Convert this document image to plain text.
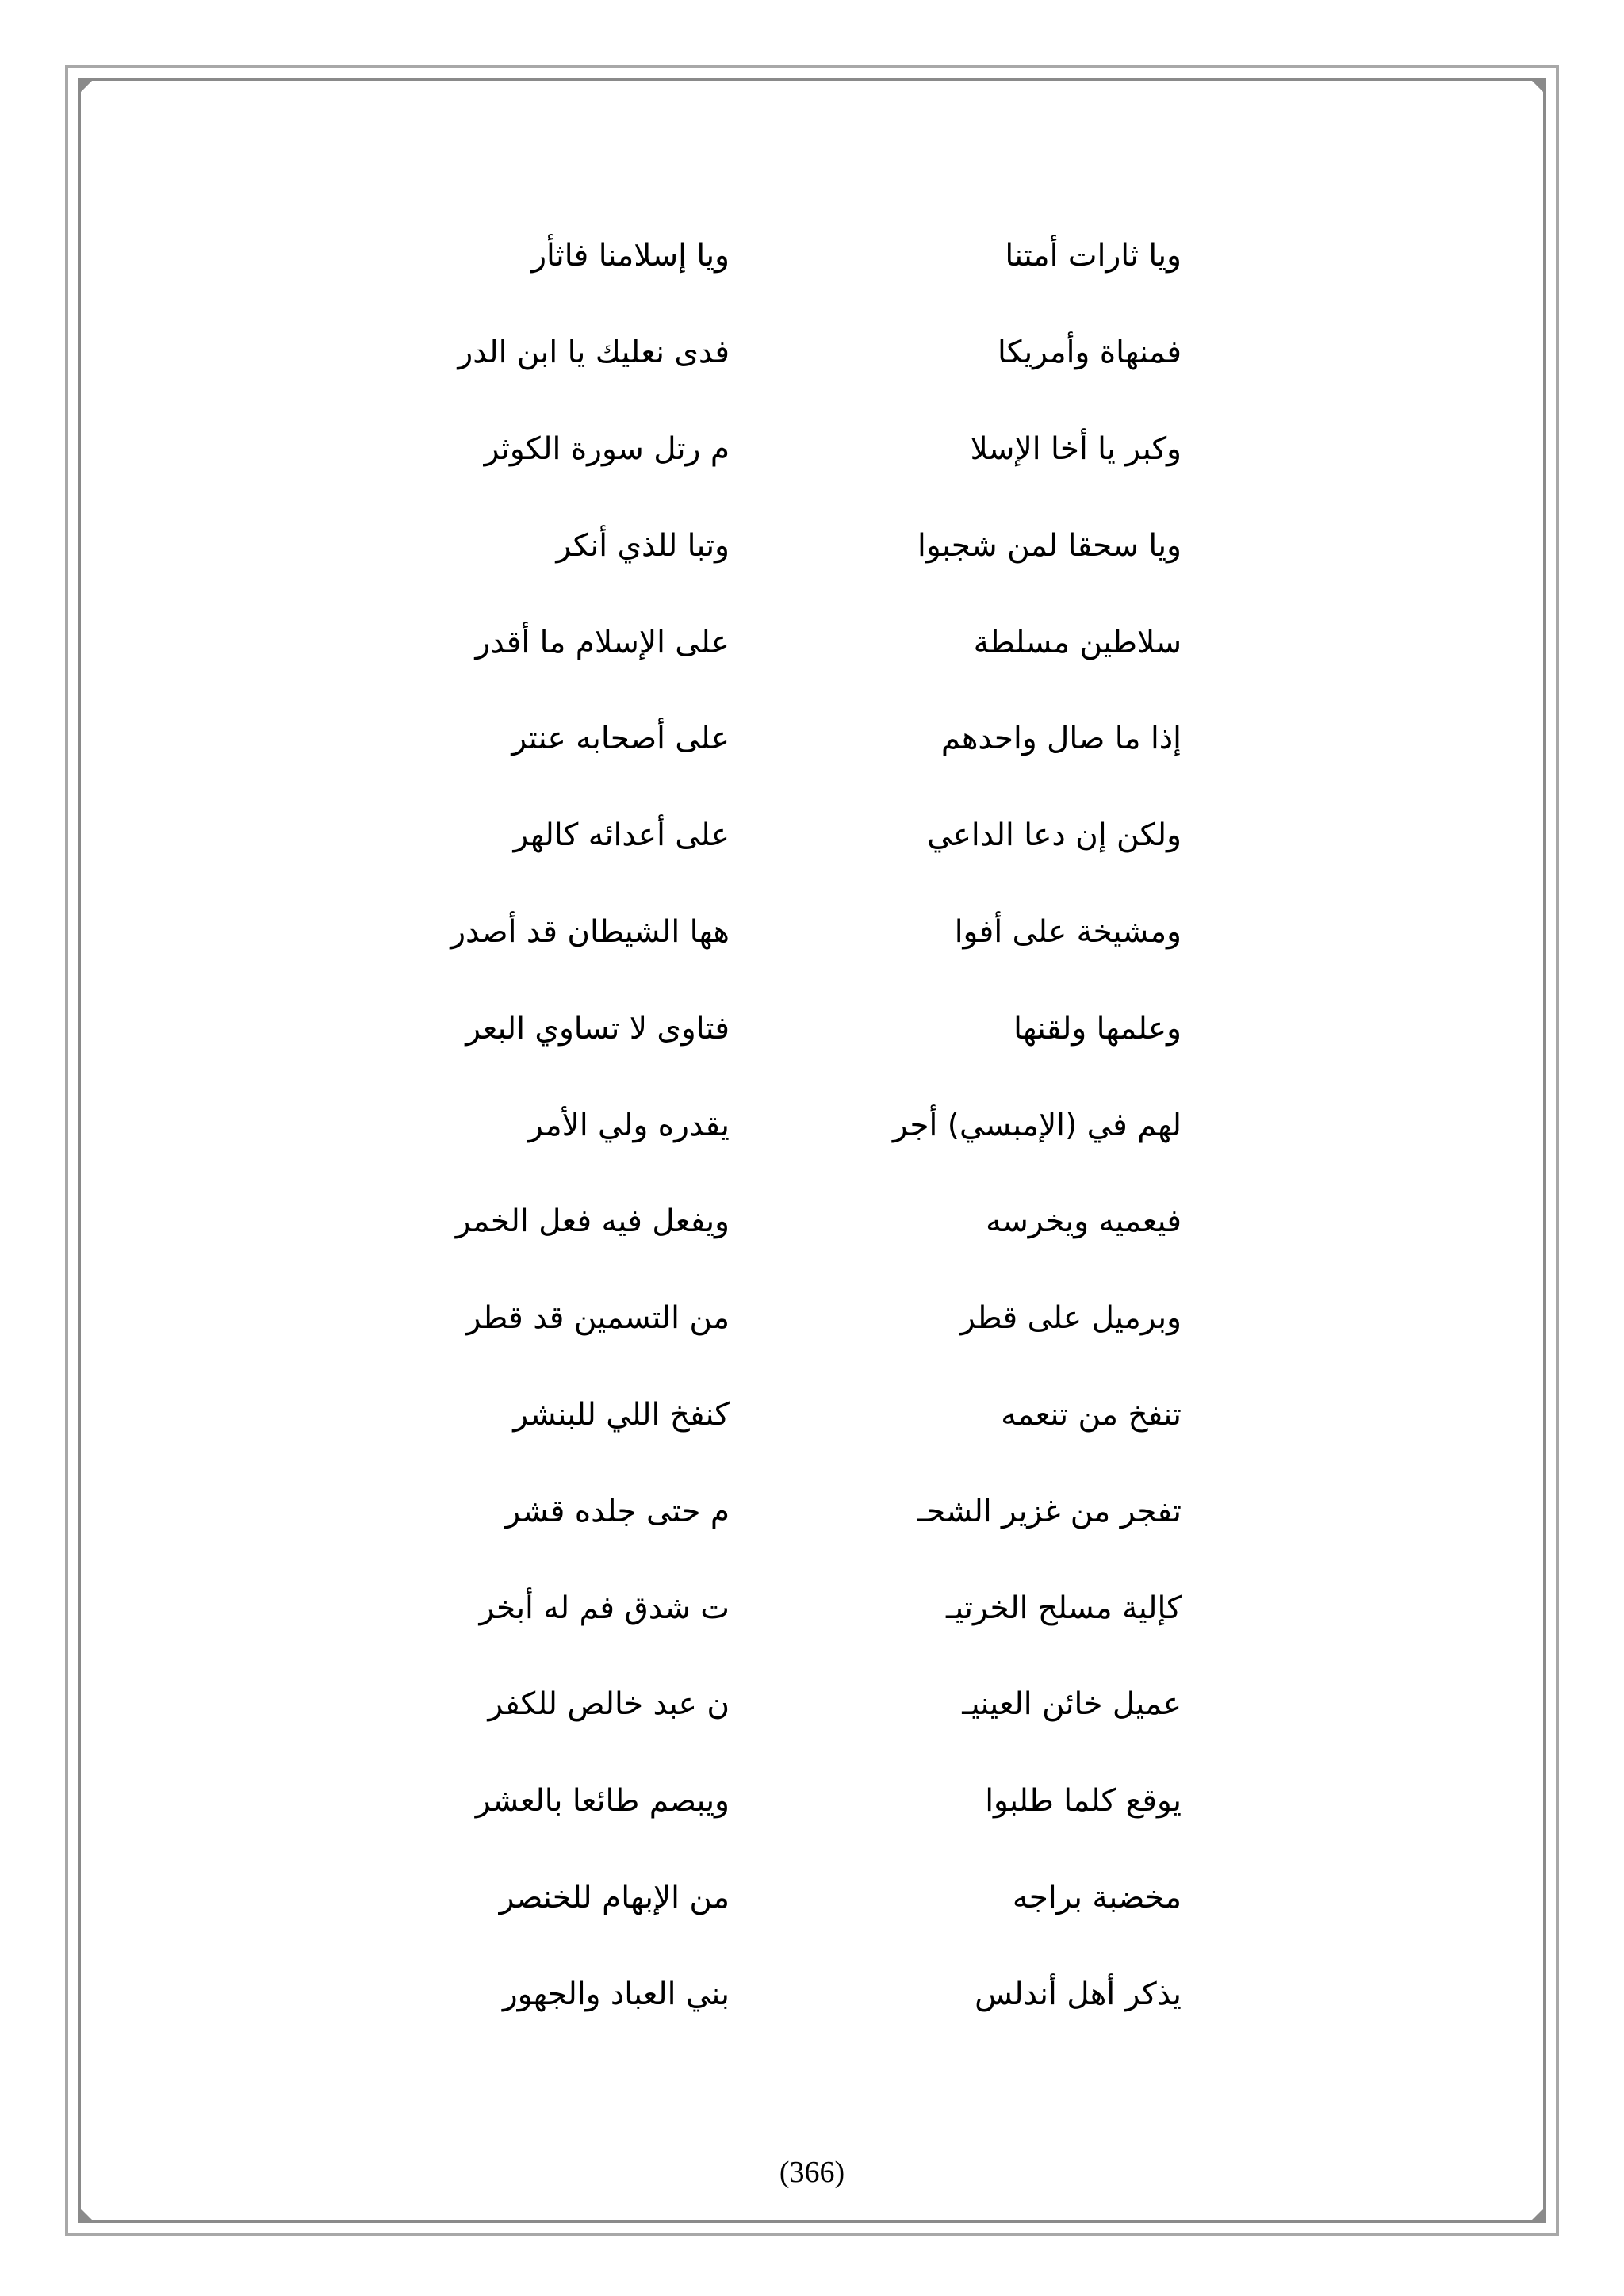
ويا ثارات أمتنا
ويا إسلامنا فاثأر
فمنهاة وأمريكا
فدى نعليك يا ابن الدر
وكبر يا أخا الإسلا
م رتل سورة الكوثر
ويا سحقا لمن شجبوا
وتبا للذي أنكر
سلاطين مسلطة
على الإسلام ما أقدر
إذا ما صال واحدهم
على أصحابه عنتر
ولكن إن دعا الداعي
على أعدائه كالهر
ومشيخة على أفوا
هها الشيطان قد أصدر
وعلمها ولقنها
فتاوى لا تساوي البعر
لهم في (الإمبسي) أجر
يقدره ولي الأمر
فيعميه ويخرسه
ويفعل فيه فعل الخمر
وبرميل على قطر
من التسمين قد قطر
تنفخ من تنعمه
كنفخ اللي للبنشر
تفجر من غزير الشحـ
م حتى جلده قشر
كإلية مسلح الخرتيـ
ت شدق فم له أبخر
عميل خائن العينيـ
ن عبد خالص للكفر
يوقع كلما طلبوا
ويبصم طائعا بالعشر
مخضبة براجه
من الإبهام للخنصر
يذكر أهل أندلس
بني العباد والجهور
(366)
